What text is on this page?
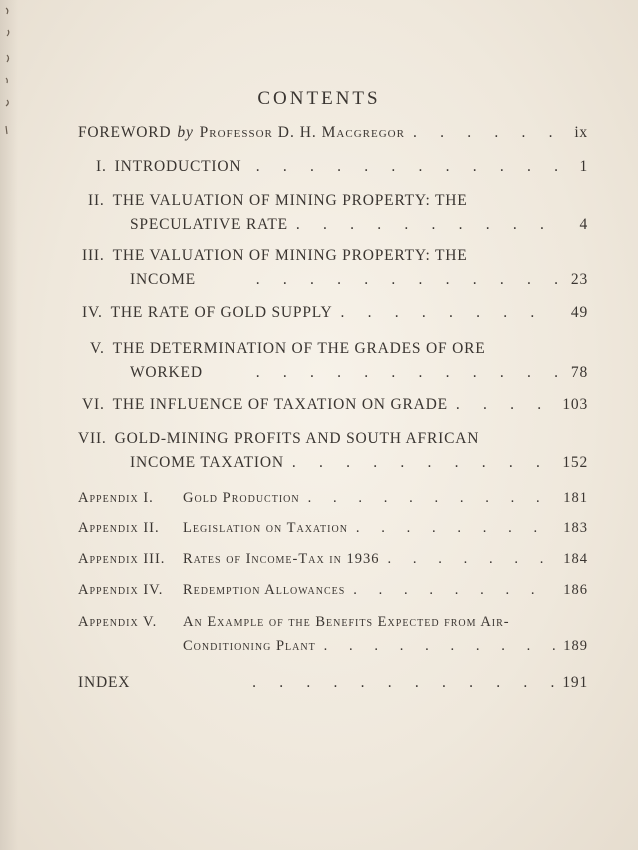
CONTENTS
FOREWORD by Professor D. H. Macgregor .	ix
I. INTRODUCTION .	1
II. THE VALUATION OF MINING PROPERTY: THE
SPECULATIVE RATE .	4
III. THE VALUATION OF MINING PROPERTY: THE
INCOME .	23
IV. THE RATE OF GOLD SUPPLY .	49
V. THE DETERMINATION OF THE GRADES OF ORE
WORKED .	78
VI. THE INFLUENCE OF TAXATION ON GRADE .	103
VII. GOLD-MINING PROFITS AND SOUTH AFRICAN
INCOME TAXATION .	152
Appendix I.	Gold Production .	181
Appendix II.	Legislation on Taxation .	183
Appendix III.	Rates of Income-Tax in 1936 .	184
Appendix IV.	Redemption Allowances .	186
Appendix V.	An Example of the Benefits Expected from Air-
Conditioning Plant .	189
INDEX .	191
